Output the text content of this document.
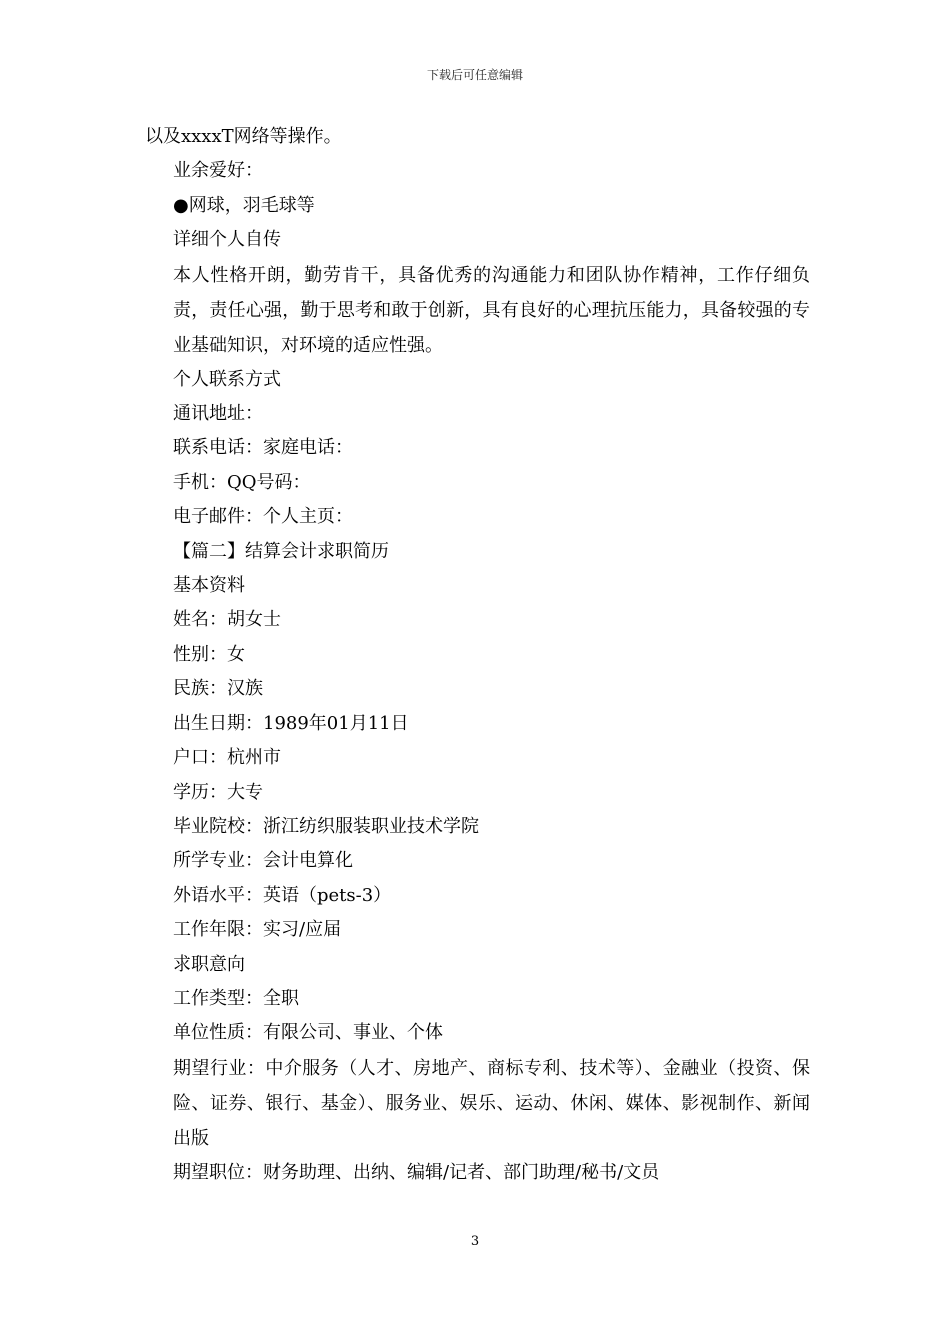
下载后可任意编辑
以及xxxxT网络等操作。
业余爱好：
●网球，羽毛球等
详细个人自传
本人性格开朗，勤劳肯干，具备优秀的沟通能力和团队协作精神，工作仔细负责，责任心强，勤于思考和敢于创新，具有良好的心理抗压能力，具备较强的专业基础知识，对环境的适应性强。
个人联系方式
通讯地址：
联系电话：家庭电话：
手机：QQ号码：
电子邮件：个人主页：
【篇二】结算会计求职简历
基本资料
姓名：胡女士
性别：女
民族：汉族
出生日期：1989年01月11日
户口：杭州市
学历：大专
毕业院校：浙江纺织服装职业技术学院
所学专业：会计电算化
外语水平：英语（pets-3）
工作年限：实习/应届
求职意向
工作类型：全职
单位性质：有限公司、事业、个体
期望行业：中介服务（人才、房地产、商标专利、技术等）、金融业（投资、保险、证券、银行、基金）、服务业、娱乐、运动、休闲、媒体、影视制作、新闻出版
期望职位：财务助理、出纳、编辑/记者、部门助理/秘书/文员
3
